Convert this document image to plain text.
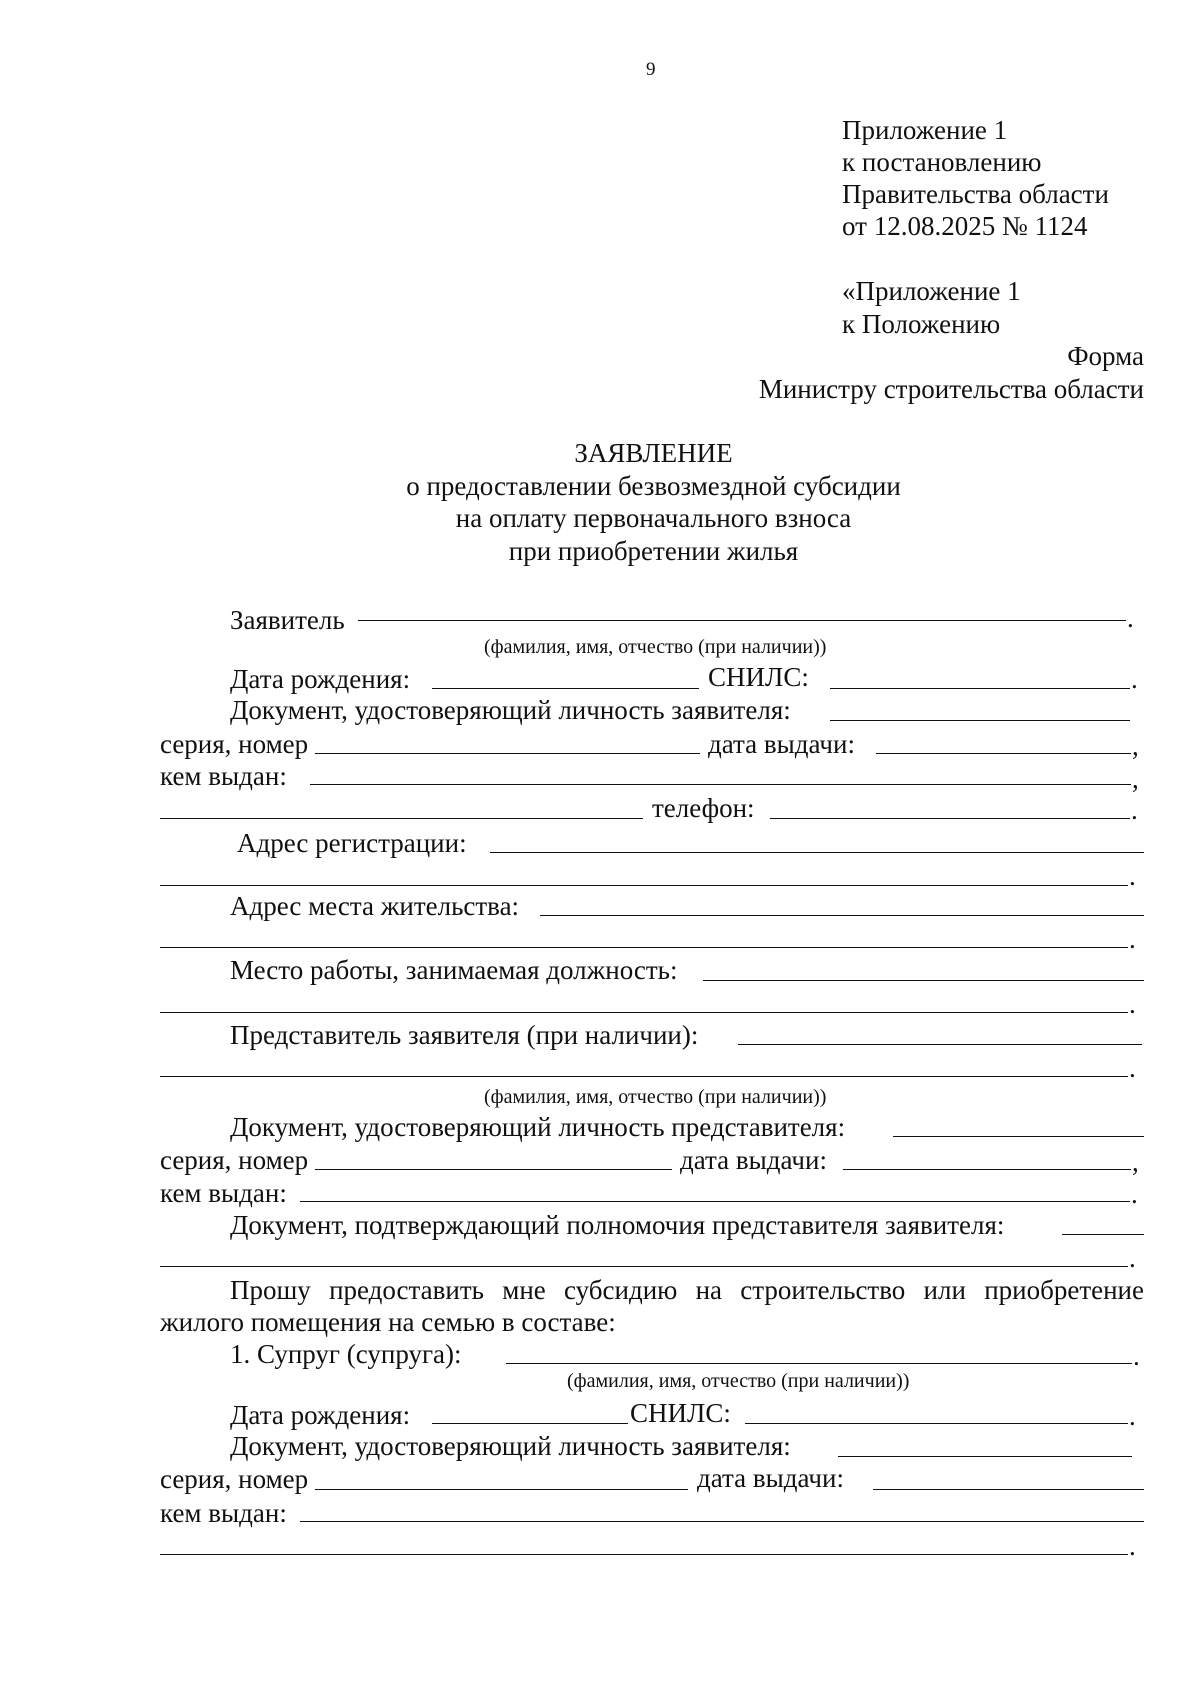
9
Приложение 1
к постановлению
Правительства области
от 12.08.2025 № 1124
«Приложение 1
к Положению
Форма
Министру строительства области
ЗАЯВЛЕНИЕ
о предоставлении безвозмездной субсидии
на оплату первоначального взноса
при приобретении жилья
Заявитель	.
(фамилия, имя, отчество (при наличии))
Дата рождения:	СНИЛС:	.
Документ, удостоверяющий личность заявителя:
серия, номер	дата выдачи:	,
кем выдан:	,
телефон:	.
Адрес регистрации:
.
Адрес места жительства:
.
Место работы, занимаемая должность:
.
Представитель заявителя (при наличии):
.
(фамилия, имя, отчество (при наличии))
Документ, удостоверяющий личность представителя:
серия, номер	дата выдачи:	,
кем выдан:	.
Документ, подтверждающий полномочия представителя заявителя:
.
Прошу предоставить мне субсидию на строительство или приобретение
жилого помещения на семью в составе:
1. Супруг (супруга):	.
(фамилия, имя, отчество (при наличии))
Дата рождения:	СНИЛС:	.
Документ, удостоверяющий личность заявителя:
серия, номер	дата выдачи:
кем выдан:
.
